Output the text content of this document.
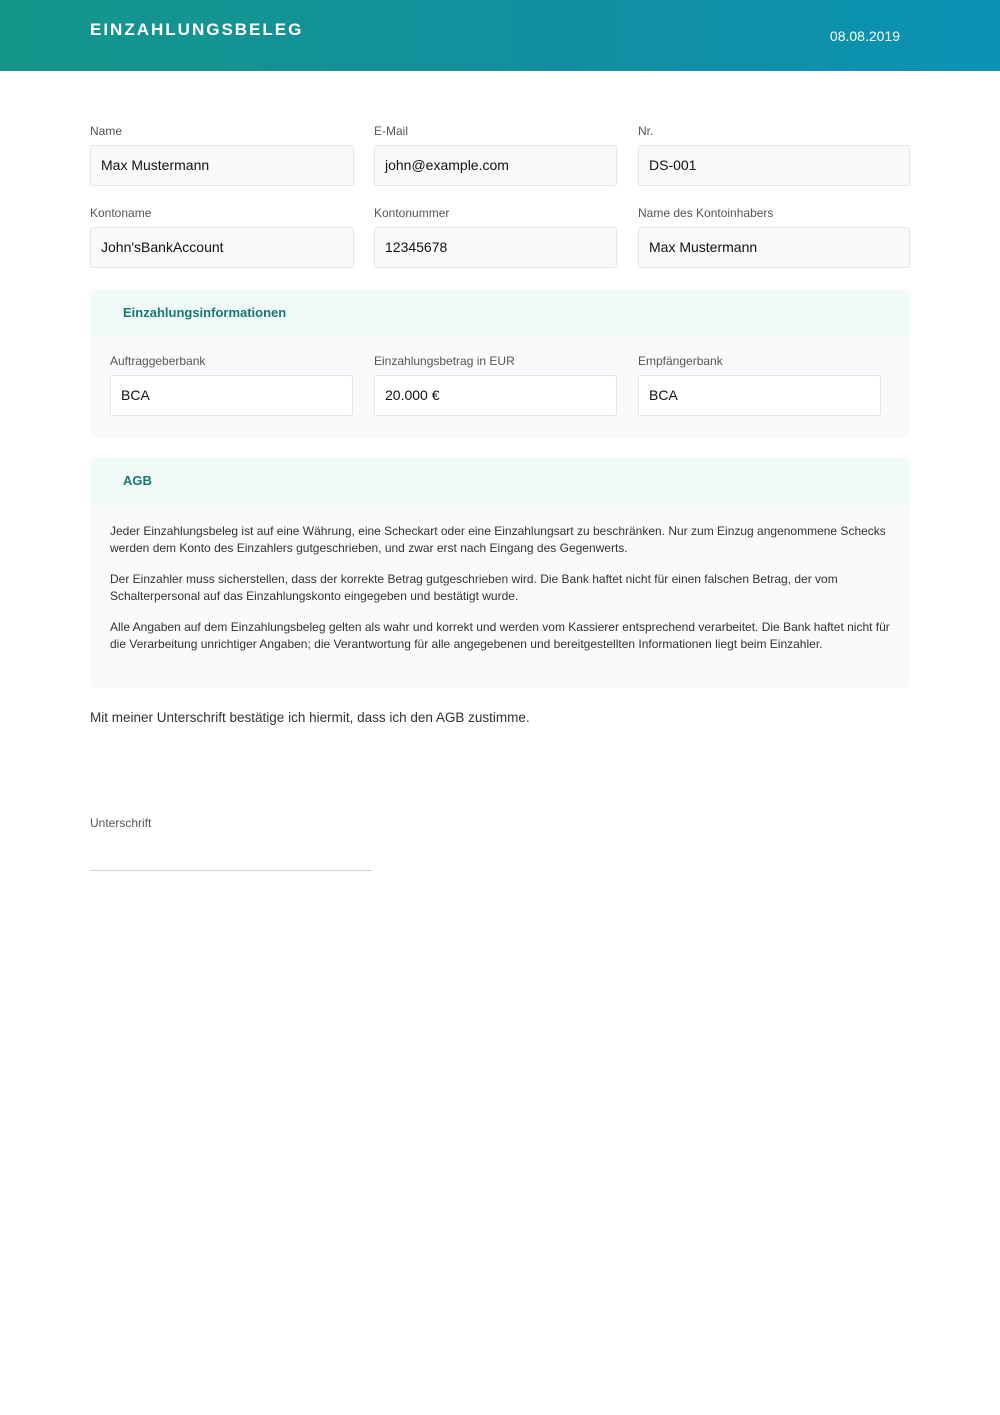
EINZAHLUNGSBELEG	08.08.2019
Name
Max Mustermann
E-Mail
john@example.com
Nr.
DS-001
Kontoname
John'sBankAccount
Kontonummer
12345678
Name des Kontoinhabers
Max Mustermann
Einzahlungsinformationen
Auftraggeberbank
BCA
Einzahlungsbetrag in EUR
20.000 €
Empfängerbank
BCA
AGB

Jeder Einzahlungsbeleg ist auf eine Währung, eine Scheckart oder eine Einzahlungsart zu beschränken. Nur zum Einzug angenommene Schecks werden dem Konto des Einzahlers gutgeschrieben, und zwar erst nach Eingang des Gegenwerts.

Der Einzahler muss sicherstellen, dass der korrekte Betrag gutgeschrieben wird. Die Bank haftet nicht für einen falschen Betrag, der vom Schalterpersonal auf das Einzahlungskonto eingegeben und bestätigt wurde.

Alle Angaben auf dem Einzahlungsbeleg gelten als wahr und korrekt und werden vom Kassierer entsprechend verarbeitet. Die Bank haftet nicht für die Verarbeitung unrichtiger Angaben; die Verantwortung für alle angegebenen und bereitgestellten Informationen liegt beim Einzahler.

Mit meiner Unterschrift bestätige ich hiermit, dass ich den AGB zustimme.
Unterschrift
